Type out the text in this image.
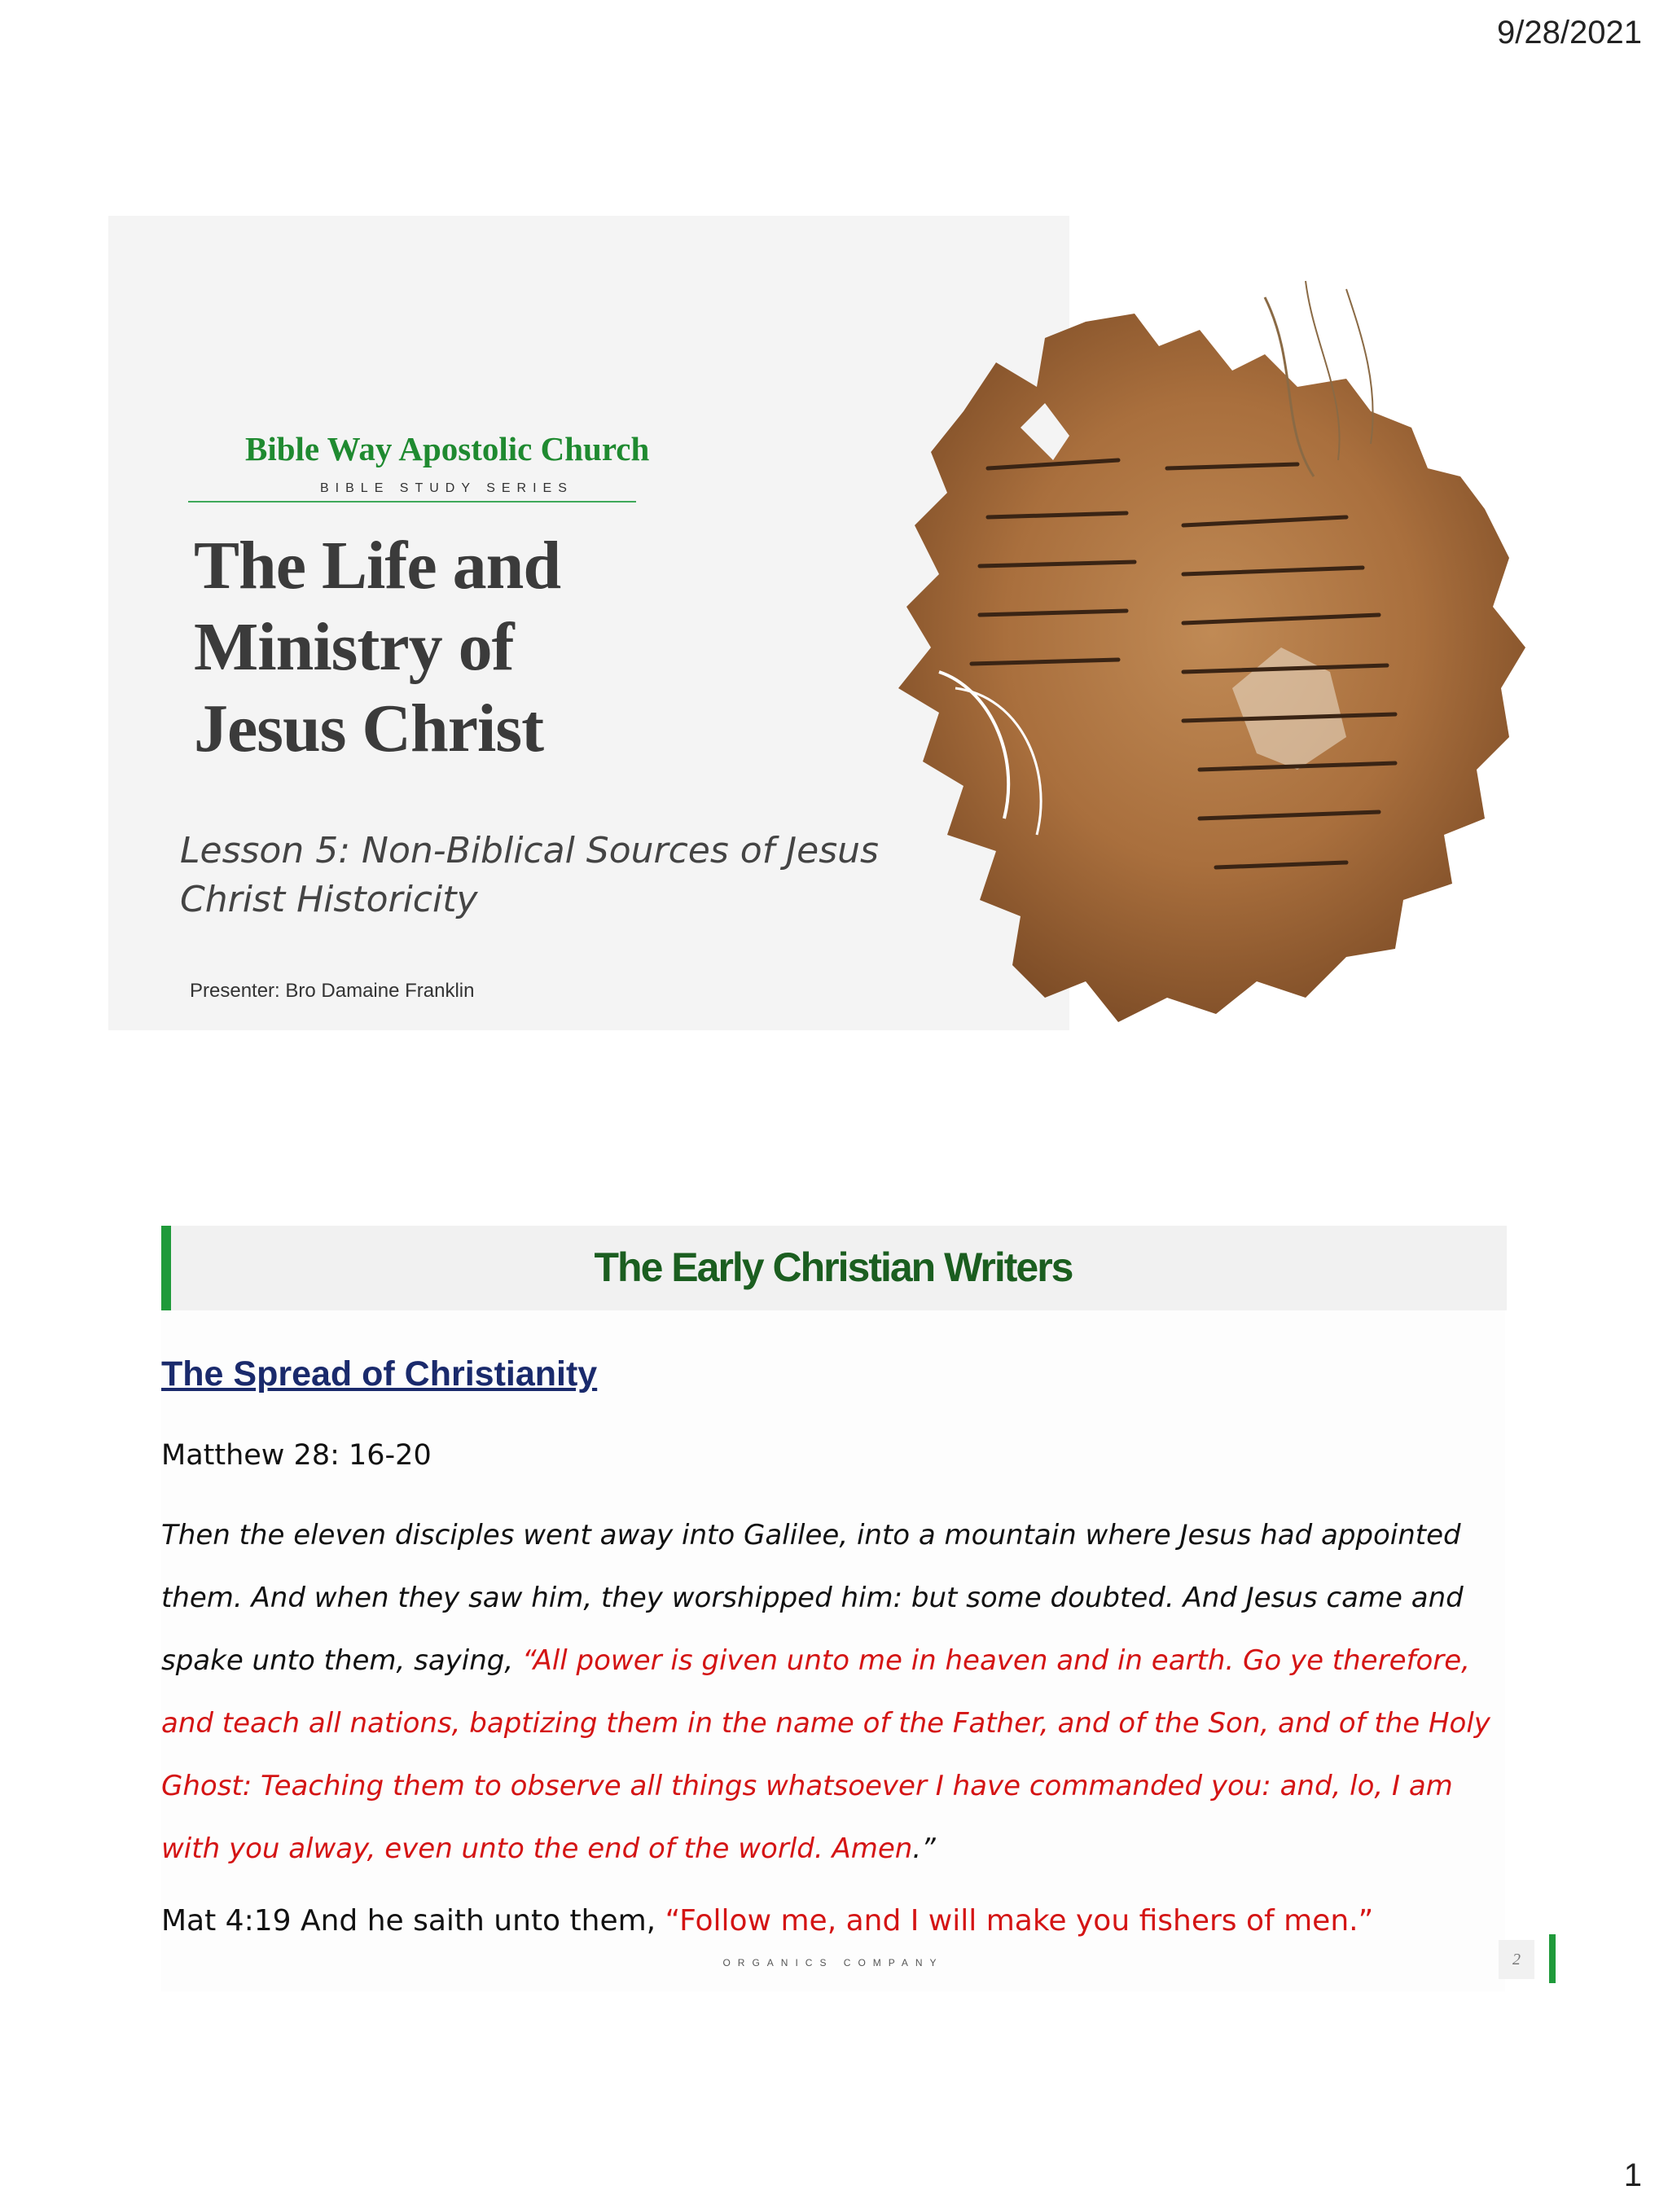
9/28/2021
Bible Way Apostolic Church
BIBLE STUDY SERIES
The Life and
Ministry of
Jesus Christ
Lesson 5: Non-Biblical Sources of Jesus
Christ Historicity
Presenter: Bro Damaine Franklin
The Early Christian Writers
The Spread of Christianity
Matthew 28: 16-20
Then the eleven disciples went away into Galilee, into a mountain where Jesus had appointed them. And when they saw him, they worshipped him: but some doubted. And Jesus came and spake unto them, saying, “All power is given unto me in heaven and in earth. Go ye therefore, and teach all nations, baptizing them in the name of the Father, and of the Son, and of the Holy Ghost: Teaching them to observe all things whatsoever I have commanded you: and, lo, I am with you alway, even unto the end of the world. Amen.”
Mat 4:19 And he saith unto them, “Follow me, and I will make you fishers of men.”
ORGANICS COMPANY	2
1
